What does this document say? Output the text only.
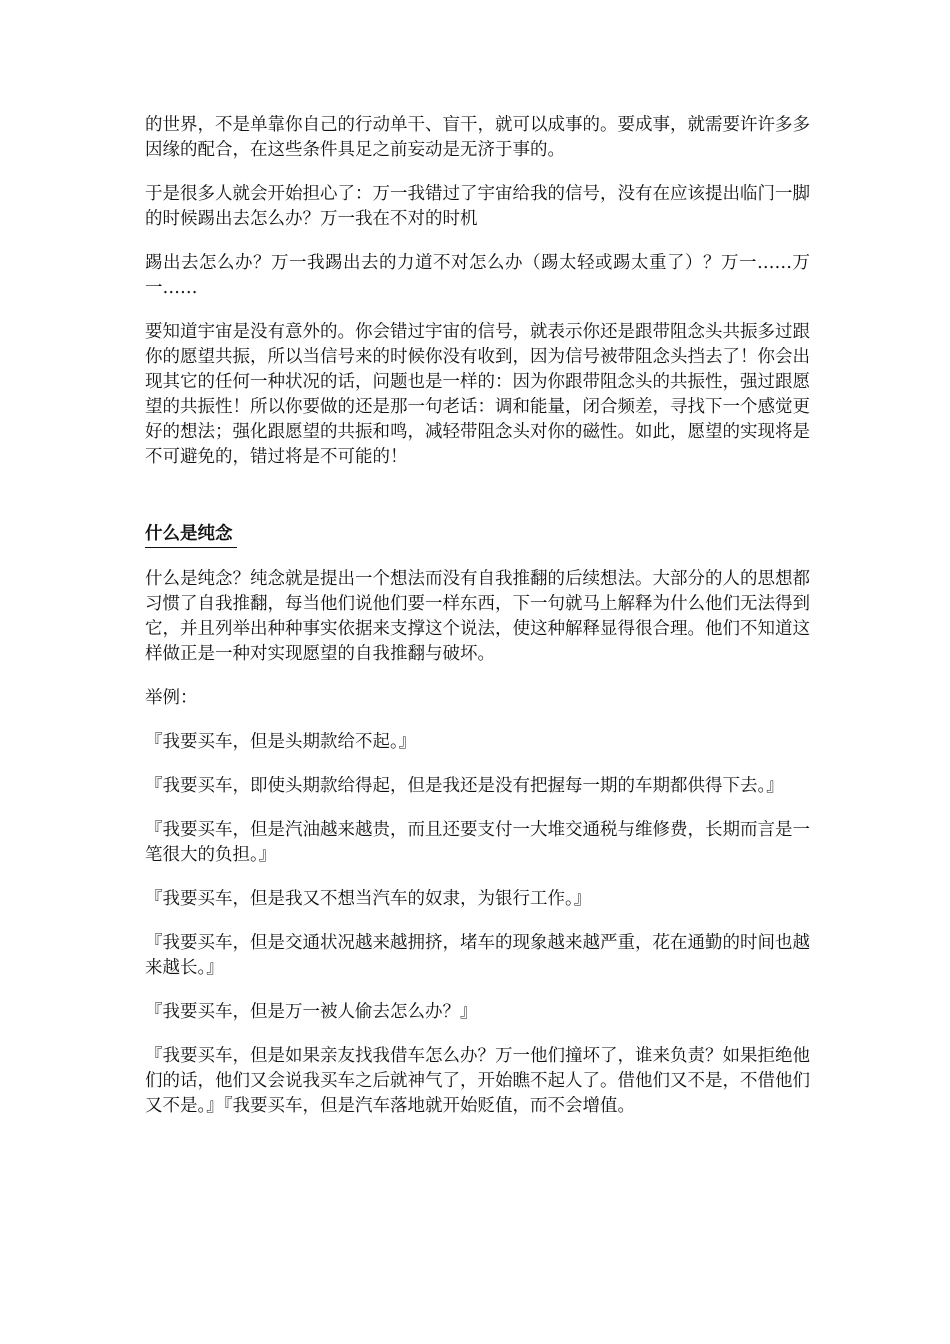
的世界，不是单靠你自己的行动单干、盲干，就可以成事的。要成事，就需要许许多多因缘的配合，在这些条件具足之前妄动是无济于事的。

于是很多人就会开始担心了：万一我错过了宇宙给我的信号，没有在应该提出临门一脚的时候踢出去怎么办？万一我在不对的时机

踢出去怎么办？万一我踢出去的力道不对怎么办（踢太轻或踢太重了）？万一……万一……

要知道宇宙是没有意外的。你会错过宇宙的信号，就表示你还是跟带阻念头共振多过跟你的愿望共振，所以当信号来的时候你没有收到，因为信号被带阻念头挡去了！你会出现其它的任何一种状况的话，问题也是一样的：因为你跟带阻念头的共振性，强过跟愿望的共振性！所以你要做的还是那一句老话：调和能量，闭合频差，寻找下一个感觉更好的想法；强化跟愿望的共振和鸣，减轻带阻念头对你的磁性。如此，愿望的实现将是不可避免的，错过将是不可能的！

什么是纯念

什么是纯念？纯念就是提出一个想法而没有自我推翻的后续想法。大部分的人的思想都习惯了自我推翻，每当他们说他们要一样东西，下一句就马上解释为什么他们无法得到它，并且列举出种种事实依据来支撑这个说法，使这种解释显得很合理。他们不知道这样做正是一种对实现愿望的自我推翻与破坏。

举例：

『我要买车，但是头期款给不起。』

『我要买车，即使头期款给得起，但是我还是没有把握每一期的车期都供得下去。』

『我要买车，但是汽油越来越贵，而且还要支付一大堆交通税与维修费，长期而言是一笔很大的负担。』

『我要买车，但是我又不想当汽车的奴隶，为银行工作。』

『我要买车，但是交通状况越来越拥挤，堵车的现象越来越严重，花在通勤的时间也越来越长。』

『我要买车，但是万一被人偷去怎么办？』

『我要买车，但是如果亲友找我借车怎么办？万一他们撞坏了，谁来负责？如果拒绝他们的话，他们又会说我买车之后就神气了，开始瞧不起人了。借他们又不是，不借他们又不是。』『我要买车，但是汽车落地就开始贬值，而不会增值。
